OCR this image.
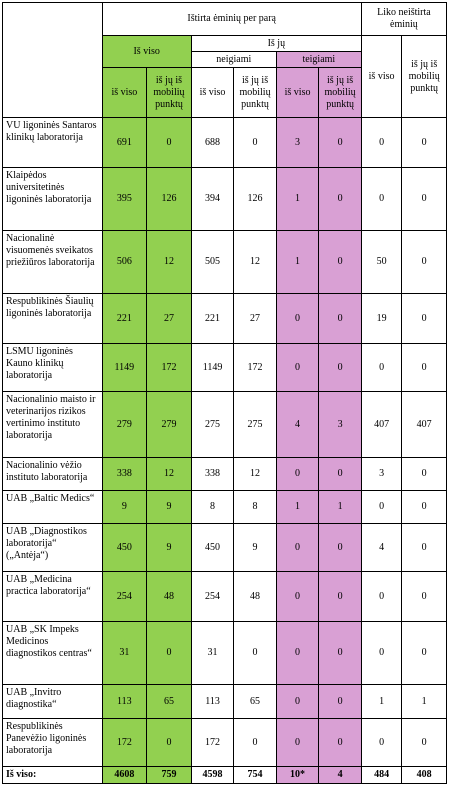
	Ištirta ėminių per parą						Liko neištirta ėminių	
	Iš viso		Iš jų				iš viso	iš jų iš mobilių punktų
			neigiami		teigiami			
	iš viso	iš jų iš mobilių punktų	iš viso	iš jų iš mobilių punktų	iš viso	iš jų iš mobilių punktų		
VU ligoninės Santaros klinikų laboratorija	691	0	688	0	3	0	0	0
Klaipėdos universitetinės ligoninės laboratorija	395	126	394	126	1	0	0	0
Nacionalinė visuomenės sveikatos priežiūros laboratorija	506	12	505	12	1	0	50	0
Respublikinės Šiaulių ligoninės laboratorija	221	27	221	27	0	0	19	0
LSMU ligoninės Kauno klinikų laboratorija	1149	172	1149	172	0	0	0	0
Nacionalinio maisto ir veterinarijos rizikos vertinimo instituto laboratorija	279	279	275	275	4	3	407	407
Nacionalinio vėžio instituto laboratorija	338	12	338	12	0	0	3	0
UAB „Baltic Medics“	9	9	8	8	1	1	0	0
UAB „Diagnostikos laboratorija“ („Antėja“)	450	9	450	9	0	0	4	0
UAB „Medicina practica laboratorija“	254	48	254	48	0	0	0	0
UAB „SK Impeks Medicinos diagnostikos centras“	31	0	31	0	0	0	0	0
UAB „Invitro diagnostika“	113	65	113	65	0	0	1	1
Respublikinės Panevėžio ligoninės laboratorija	172	0	172	0	0	0	0	0
Iš viso:	4608	759	4598	754	10*	4	484	408
